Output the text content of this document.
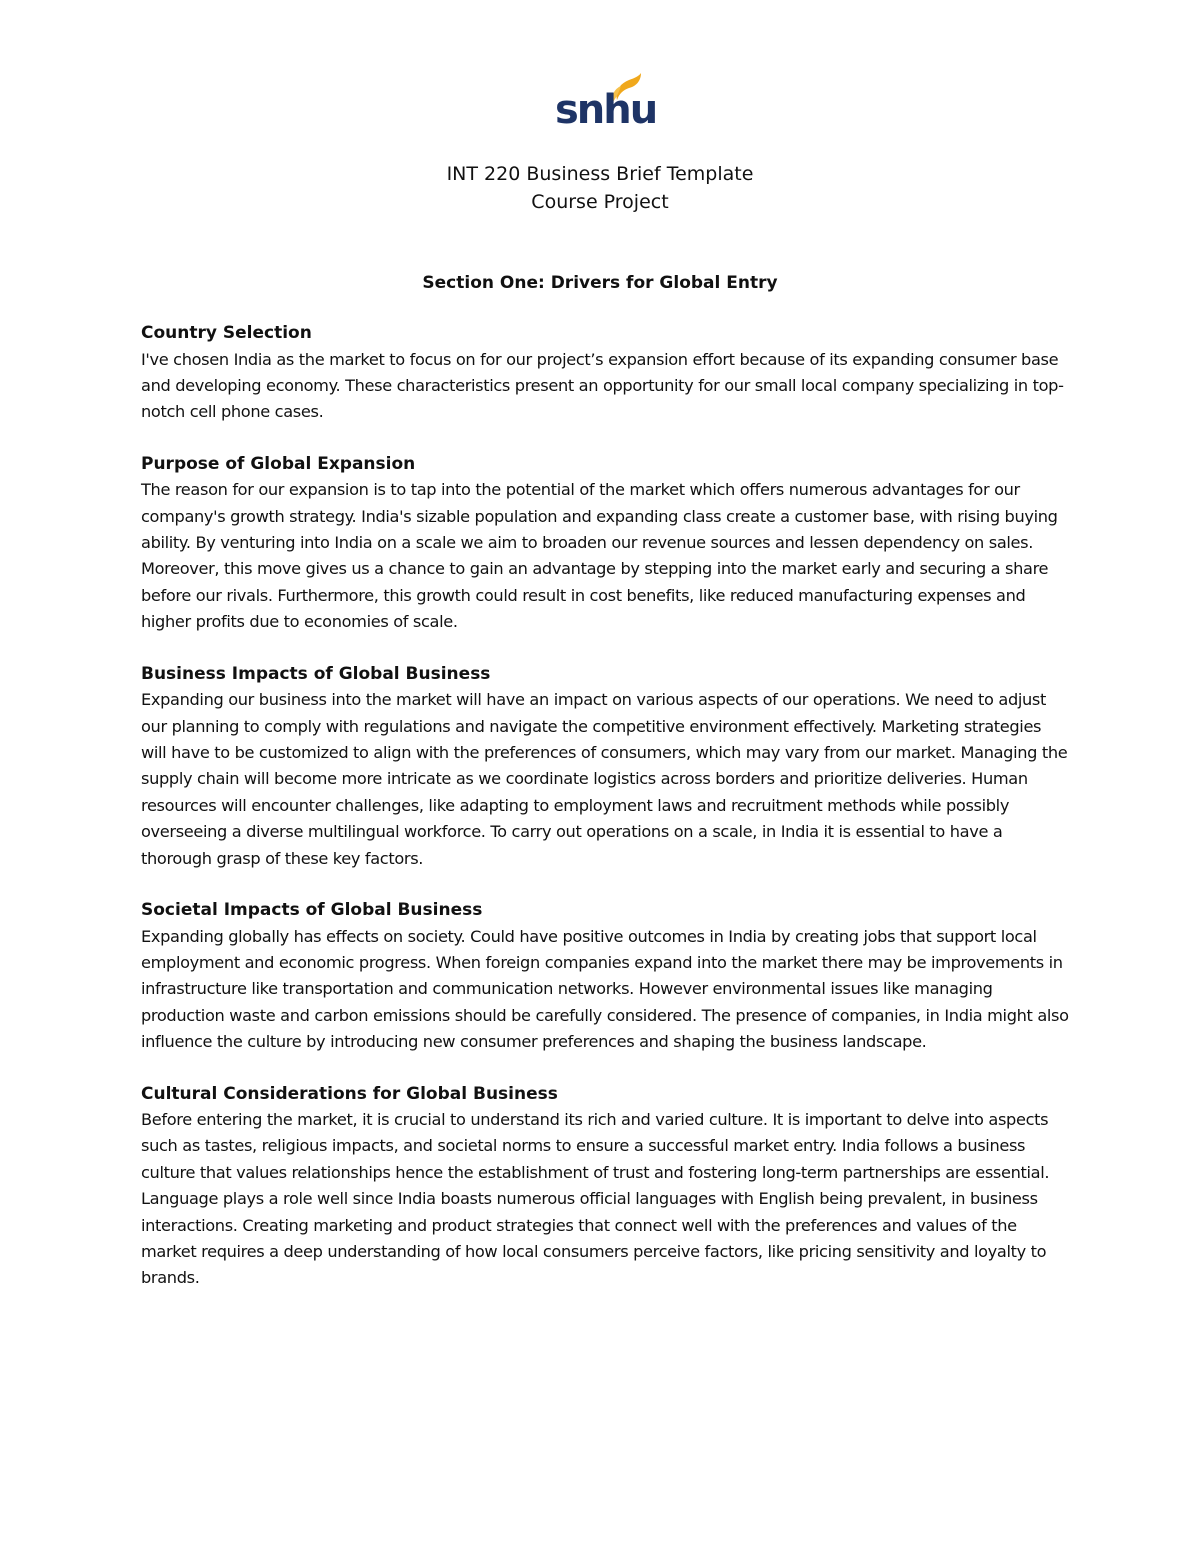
snhu
INT 220 Business Brief Template
Course Project
Section One: Drivers for Global Entry

Country Selection

I've chosen India as the market to focus on for our project’s expansion effort because of its expanding consumer base and developing economy. These characteristics present an opportunity for our small local company specializing in top-notch cell phone cases.

Purpose of Global Expansion

The reason for our expansion is to tap into the potential of the market which offers numerous advantages for our company's growth strategy. India's sizable population and expanding class create a customer base, with rising buying ability. By venturing into India on a scale we aim to broaden our revenue sources and lessen dependency on sales. Moreover, this move gives us a chance to gain an advantage by stepping into the market early and securing a share before our rivals. Furthermore, this growth could result in cost benefits, like reduced manufacturing expenses and higher profits due to economies of scale.

Business Impacts of Global Business

Expanding our business into the market will have an impact on various aspects of our operations. We need to adjust our planning to comply with regulations and navigate the competitive environment effectively. Marketing strategies will have to be customized to align with the preferences of consumers, which may vary from our market. Managing the supply chain will become more intricate as we coordinate logistics across borders and prioritize deliveries. Human resources will encounter challenges, like adapting to employment laws and recruitment methods while possibly overseeing a diverse multilingual workforce. To carry out operations on a scale, in India it is essential to have a thorough grasp of these key factors.

Societal Impacts of Global Business

Expanding globally has effects on society. Could have positive outcomes in India by creating jobs that support local employment and economic progress. When foreign companies expand into the market there may be improvements in infrastructure like transportation and communication networks. However environmental issues like managing production waste and carbon emissions should be carefully considered. The presence of companies, in India might also influence the culture by introducing new consumer preferences and shaping the business landscape.

Cultural Considerations for Global Business

Before entering the market, it is crucial to understand its rich and varied culture. It is important to delve into aspects such as tastes, religious impacts, and societal norms to ensure a successful market entry. India follows a business culture that values relationships hence the establishment of trust and fostering long-term partnerships are essential. Language plays a role well since India boasts numerous official languages with English being prevalent, in business interactions. Creating marketing and product strategies that connect well with the preferences and values of the market requires a deep understanding of how local consumers perceive factors, like pricing sensitivity and loyalty to brands.
